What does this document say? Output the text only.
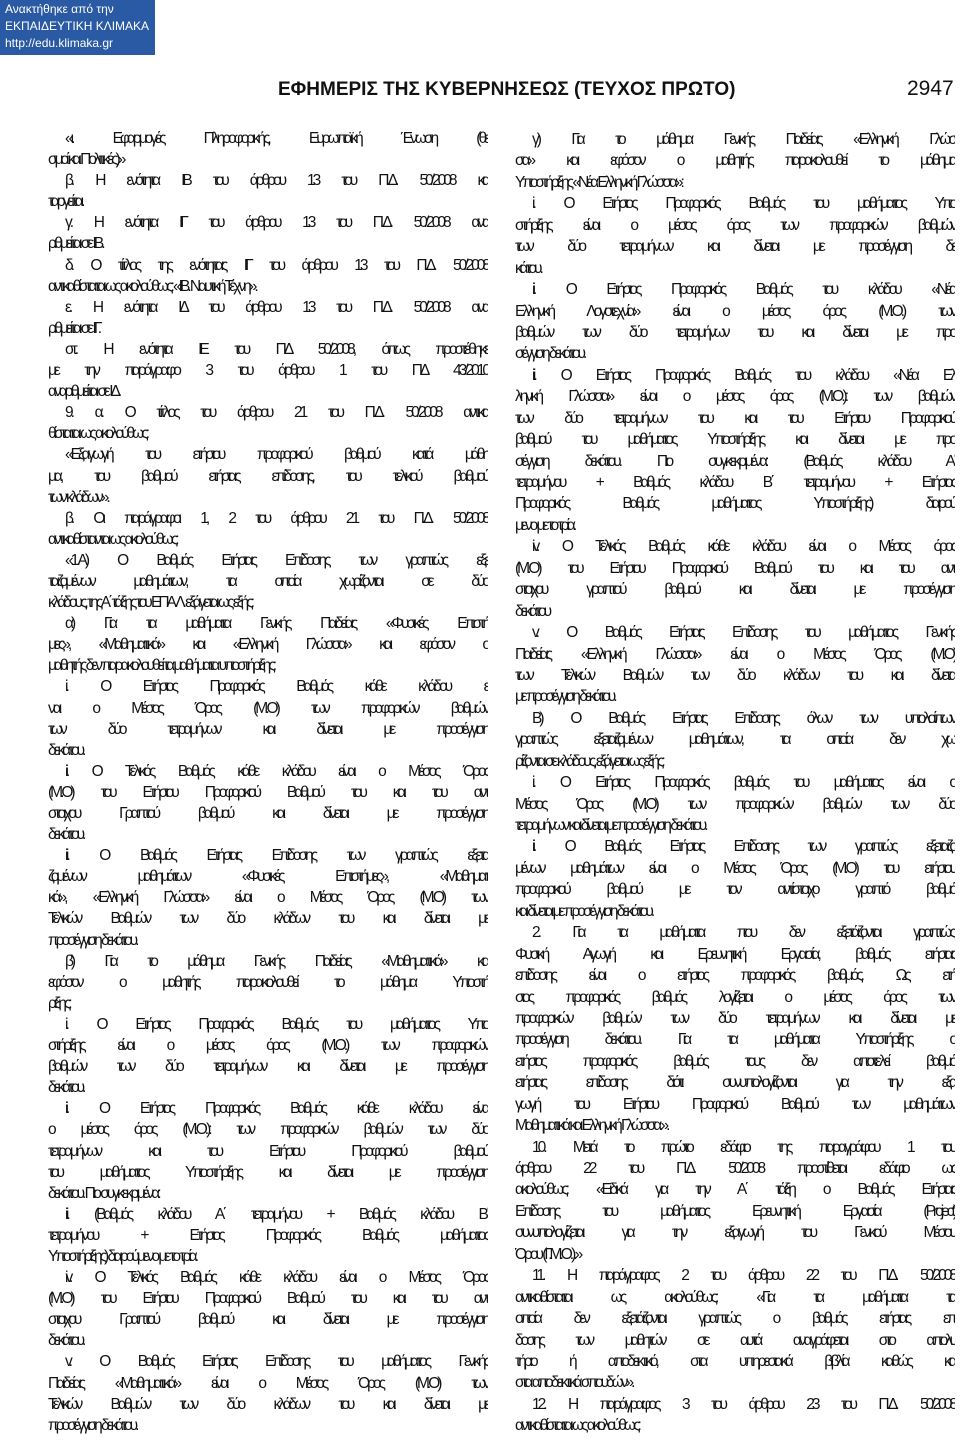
Ανακτήθηκε από την
ΕΚΠΑΙΔΕΥΤΙΚΗ ΚΛΙΜΑΚΑ
http://edu.klimaka.gr
ΕΦΗΜΕΡΙΣ ΤΗΣ ΚΥΒΕΡΝΗΣΕΩΣ (ΤΕΥΧΟΣ ΠΡΩΤΟ)	2947
«ι. Εφαρμογές Πληροφορικής, Ευρωπαϊκή Ένωση (θε
σμοί και Πολιτικές)»
β. Η ενότητα ΙΒ του άρθρου 13 του Π.Δ. 50/2008 κα
ταργείται.
γ. Η ενότητα ΙΓ του άρθρου 13 του Π.Δ. 50/2008 ανα
ριθμείται σε ΙΒ.
δ. Ο τίτλος της ενότητας ΙΓ του άρθρου 13 του Π.Δ. 50/2008
αντικαθίσταται ως ακολούθως: «ΙΒ. Ναυτική Τέχνη».
ε. Η ενότητα ΙΔ του άρθρου 13 του Π.Δ. 50/2008 ανα
ριθμείται σε ΙΓ.
στ. Η ενότητα ΙΕ του ΠΔ 50/2008, όπως προστέθηκε
με την παράγραφο 3 του άρθρου 1 του ΠΔ 43/2010
αναριθμείται σε ΙΔ.
9. α. Ο τίτλος του άρθρου 21 του Π.Δ. 50/2008 αντικα
θίσταται ως ακολούθως:
«Εξαγωγή του ετήσιου προφορικού βαθμού κατά μάθη
μα, του βαθμού ετήσιας επίδοσης, του τελικού βαθμού
των κλάδων».
β. Οι παράγραφοι 1, 2 του άρθρου 21 του Π.Δ. 50/2008
αντικαθίστανται ως ακολούθως:
«1.Α) Ο Βαθμός Ετήσιας Επίδοσης των γραπτώς εξε
ταζομένων μαθημάτων, τα οποία χωρίζονται σε δύο
κλάδους, της Α΄ τάξης του ΕΠΑ.Λ. εξάγεται ως εξής:
α) Για τα μαθήματα Γενικής Παιδείας «Φυσικές Επιστή
μες», «Μαθηματικά» και «Ελληνική Γλώσσα» και εφόσον ο
μαθητής δεν παρακολουθεί τα μαθήματα υποστήριξης:
i. Ο Ετήσιος Προφορικός Βαθμός κάθε κλάδου εί
ναι ο Μέσος Όρος (Μ.Ο) των προφορικών βαθμών
των δύο τετραμήνων και δίνεται με προσέγγιση
δεκάτου.
ii. Ο Τελικός Βαθμός κάθε κλάδου είναι ο Μέσος Όρος
(Μ.Ο) του Ετήσιου Προφορικού Βαθμού του και του αντί
στοιχου Γραπτού βαθμού και δίνεται με προσέγγιση
δεκάτου.
iii. Ο Βαθμός Ετήσιας Επίδοσης των γραπτώς εξετα
ζομένων μαθημάτων «Φυσικές Επιστήμες», «Μαθηματι
κά», «Ελληνική Γλώσσα» είναι ο Μέσος Όρος (Μ.Ο) των
Τελικών Βαθμών των δύο κλάδων του και δίνεται με
προσέγγιση δεκάτου.
β) Για το μάθημα Γενικής Παιδείας «Μαθηματικά» και
εφόσον ο μαθητής παρακολουθεί το μάθημα Υποστή
ριξης:
i. Ο Ετήσιος Προφορικός Βαθμός του μαθήματος Υπο
στήριξης είναι ο μέσος όρος (Μ.Ο.) των προφορικών
βαθμών των δύο τετραμήνων και δίνεται με προσέγγιση
δεκάτου.
ii. Ο Ετήσιος Προφορικός Βαθμός κάθε κλάδου είναι
ο μέσος όρος (Μ.Ο.): των προφορικών βαθμών των δύο
τετραμήνων και του Ετήσιου Προφορικού βαθμού
του μαθήματος Υποστήριξης και δίνεται με προσέγγιση
δεκάτου. Πιο συγκεκριμένα:
iii. (Βαθμός κλάδου Α΄ τετραμήνου + Βαθμός κλάδου Β΄
τετραμήνου + Ετήσιος Προφορικός Βαθμός μαθήματος
Υποστήριξης) διαιρούμενο με το τρία.
iv. Ο Τελικός Βαθμός κάθε κλάδου είναι ο Μέσος Όρος
(Μ.Ο) του Ετήσιου Προφορικού Βαθμού του και του αντί
στοιχου Γραπτού βαθμού και δίνεται με προσέγγιση
δεκάτου.
v. Ο Βαθμός Ετήσιας Επίδοσης του μαθήματος Γενικής
Παιδείας «Μαθηματικά» είναι ο Μέσος Όρος (Μ.Ο) των
Τελικών Βαθμών των δύο κλάδων του και δίνεται με
προσέγγιση δεκάτου.
γ) Για το μάθημα Γενικής Παιδείας «Ελληνική Γλώσ
σα» και εφόσον ο μαθητής παρακολουθεί το μάθημα
Υποστήριξης «Νέα Ελληνική Γλώσσα»:
i. Ο Ετήσιος Προφορικός Βαθμός του μαθήματος Υπο
στήριξης είναι ο μέσος όρος των προφορικών βαθμών
των δύο τετραμήνων και δίνεται με προσέγγιση δε
κάτου.
ii. Ο Ετήσιος Προφορικός Βαθμός του κλάδου «Νέα
Ελληνική Λογοτεχνία» είναι ο μέσος όρος (Μ.Ο.) των
βαθμών των δύο τετραμήνων του και δίνεται με προ
σέγγιση δεκάτου.
iii. Ο Ετήσιος Προφορικός Βαθμός του κλάδου «Νέα Ελ
ληνική Γλώσσα» είναι ο μέσος όρος (Μ.Ο.): των βαθμών
των δύο τετραμήνων του και του Ετήσιου Προφορικού
βαθμού του μαθήματος Υποστήριξης και δίνεται με προ
σέγγιση δεκάτου. Πιο συγκεκριμένα: (Βαθμός κλάδου Α΄
τετραμήνου + Βαθμός κλάδου Β΄ τετραμήνου + Ετήσιος
Προφορικός Βαθμός μαθήματος Υποστήριξης) διαιρού
μενο με το τρία.
iv. Ο Τελικός Βαθμός κάθε κλάδου είναι ο Μέσος όρος
(Μ.Ο) του Ετήσιου Προφορικού Βαθμού του και του αντί
στοιχου γραπτού βαθμού και δίνεται με προσέγγιση
δεκάτου
v. Ο Βαθμός Ετήσιας Επίδοσης του μαθήματος Γενικής
Παιδείας «Ελληνική Γλώσσα» είναι ο Μέσος Όρος (Μ.Ο)
των Τελικών Βαθμών των δύο κλάδων του και δίνεται
με προσέγγιση δεκάτου.
Β) Ο Βαθμός Ετήσιας Επίδοσης όλων των υπολοίπων
γραπτώς εξεταζομένων μαθημάτων, τα οποία δεν χω
ρίζονται σε κλάδους, εξάγεται ως εξής:
i. Ο Ετήσιος Προφορικός βαθμός του μαθήματος είναι ο
Μέσος Όρος (Μ.Ο) των προφορικών βαθμών των δύο
τετραμήνων και δίνεται με προσέγγιση δεκάτου.
ii. Ο Βαθμός Ετήσιας Επίδοσης των γραπτώς εξεταζο
μένων μαθημάτων είναι ο Μέσος Όρος (Μ.Ο) του ετήσιου
προφορικού βαθμού με τον αντίστοιχο γραπτό βαθμό
και δίνεται με προσέγγιση δεκάτου.
2. Για τα μαθήματα που δεν εξετάζονται γραπτώς:
Φυσική Αγωγή και Ερευνητική Εργασία, βαθμός ετήσιας
επίδοσης είναι ο ετήσιος προφορικός βαθμός. Ως ετή
σιος προφορικός βαθμός λογίζεται ο μέσος όρος των
προφορικών βαθμών των δύο τετραμήνων και δίνεται με
προσέγγιση δεκάτου. Για τα μαθήματα Υποστήριξης ο
ετήσιος προφορικός βαθμός τους δεν αποτελεί βαθμό
ετήσιας επίδοσης διότι συνυπολογίζονται για την εξα
γωγή του Ετήσιου Προφορικού Βαθμού των μαθημάτων
Μαθηματικά και Ελληνική Γλώσσα.».
10. Μετά το πρώτο εδάφιο της παραγράφου 1 του
άρθρου 22 του Π.Δ. 50/2008 προστίθεται εδάφιο ως
ακολούθως: «Ειδικά για την Α΄ τάξη ο Βαθμός Ετήσιας
Επίδοσης του μαθήματος Ερευνητική Εργασία (Project)
συνυπολογίζεται για την εξαγωγή του Γενικού Μέσου
Όρου (Γ.Μ.Ο.).»
11. Η παράγραφος 2 του άρθρου 22 του Π.Δ. 50/2008
αντικαθίσταται ως ακολούθως: «Για τα μαθήματα τα
οποία δεν εξετάζονται γραπτώς ο βαθμός ετήσιας επί
δοσης των μαθητών σε αυτά αναγράφεται στο απολυ
τήριο ή αποδεικτικό, στα υπηρεσιακά βιβλία καθώς και
στα αποδεικτικά σπουδών».
12. Η παράγραφος 3 του άρθρου 23 του Π.Δ. 50/2008
αντικαθίσταται ως ακολούθως:
